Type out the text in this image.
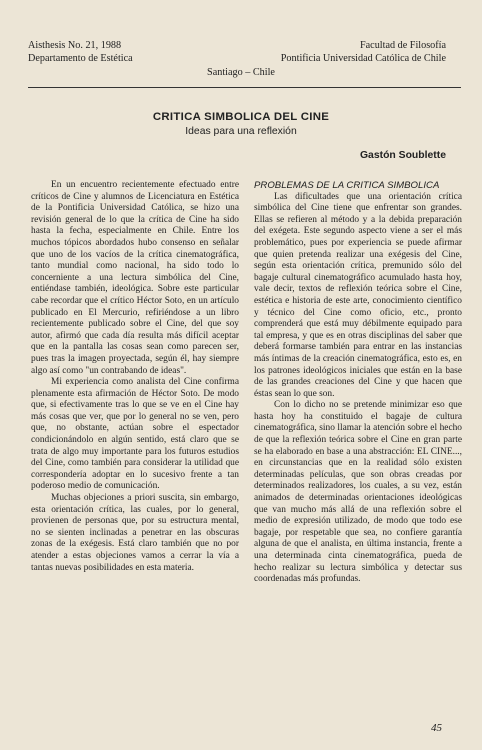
Aisthesis No. 21, 1988
Departamento de Estética
Facultad de Filosofía
Pontificia Universidad Católica de Chile
Santiago – Chile
CRITICA SIMBOLICA DEL CINE
Ideas para una reflexión
Gastón Soublette

En un encuentro recientemente efectuado entre críticos de Cine y alumnos de Licenciatura en Estética de la Pontificia Universidad Católica, se hizo una revisión general de lo que la crítica de Cine ha sido hasta la fecha, especialmente en Chile. Entre los muchos tópicos abordados hubo consenso en señalar que uno de los vacíos de la crítica cinematográfica, tanto mundial como nacional, ha sido todo lo concerniente a una lectura simbólica del Cine, entiéndase también, ideológica. Sobre este particular cabe recordar que el crítico Héctor Soto, en un artículo publicado en El Mercurio, refiriéndose a un libro recientemente publicado sobre el Cine, del que soy autor, afirmó que cada día resulta más difícil aceptar que en la pantalla las cosas sean como parecen ser, pues tras la imagen proyectada, según él, hay siempre algo así como "un contrabando de ideas".

Mi experiencia como analista del Cine confirma plenamente esta afirmación de Héctor Soto. De modo que, si efectivamente tras lo que se ve en el Cine hay más cosas que ver, que por lo general no se ven, pero que, no obstante, actúan sobre el espectador condicionándolo en algún sentido, está claro que se trata de algo muy importante para los futuros estudios del Cine, como también para considerar la utilidad que correspondería adoptar en lo sucesivo frente a tan poderoso medio de comunicación.

Muchas objeciones a priori suscita, sin embargo, esta orientación crítica, las cuales, por lo general, provienen de personas que, por su estructura mental, no se sienten inclinadas a penetrar en las obscuras zonas de la exégesis. Está claro también que no por atender a estas objeciones vamos a cerrar la vía a tantas nuevas posibilidades en esta materia.

PROBLEMAS DE LA CRITICA SIMBOLICA

Las dificultades que una orientación crítica simbólica del Cine tiene que enfrentar son grandes. Ellas se refieren al método y a la debida preparación del exégeta. Este segundo aspecto viene a ser el más problemático, pues por experiencia se puede afirmar que quien pretenda realizar una exégesis del Cine, según esta orientación crítica, premunido sólo del bagaje cultural cinematográfico acumulado hasta hoy, vale decir, textos de reflexión teórica sobre el Cine, estética e historia de este arte, conocimiento científico y técnico del Cine como oficio, etc., pronto comprenderá que está muy débilmente equipado para tal empresa, y que es en otras disciplinas del saber que deberá formarse también para entrar en las instancias más íntimas de la creación cinematográfica, esto es, en los patrones ideológicos iniciales que están en la base de las grandes creaciones del Cine y que hacen que éstas sean lo que son.

Con lo dicho no se pretende minimizar eso que hasta hoy ha constituido el bagaje de cultura cinematográfica, sino llamar la atención sobre el hecho de que la reflexión teórica sobre el Cine en gran parte se ha elaborado en base a una abstracción: EL CINE..., en circunstancias que en la realidad sólo existen determinadas películas, que son obras creadas por determinados realizadores, los cuales, a su vez, están animados de determinadas orientaciones ideológicas que van mucho más allá de una reflexión sobre el medio de expresión utilizado, de modo que todo ese bagaje, por respetable que sea, no confiere garantía alguna de que el analista, en última instancia, frente a una determinada cinta cinematográfica, pueda de hecho realizar su lectura simbólica y detectar sus coordenadas más profundas.

45
